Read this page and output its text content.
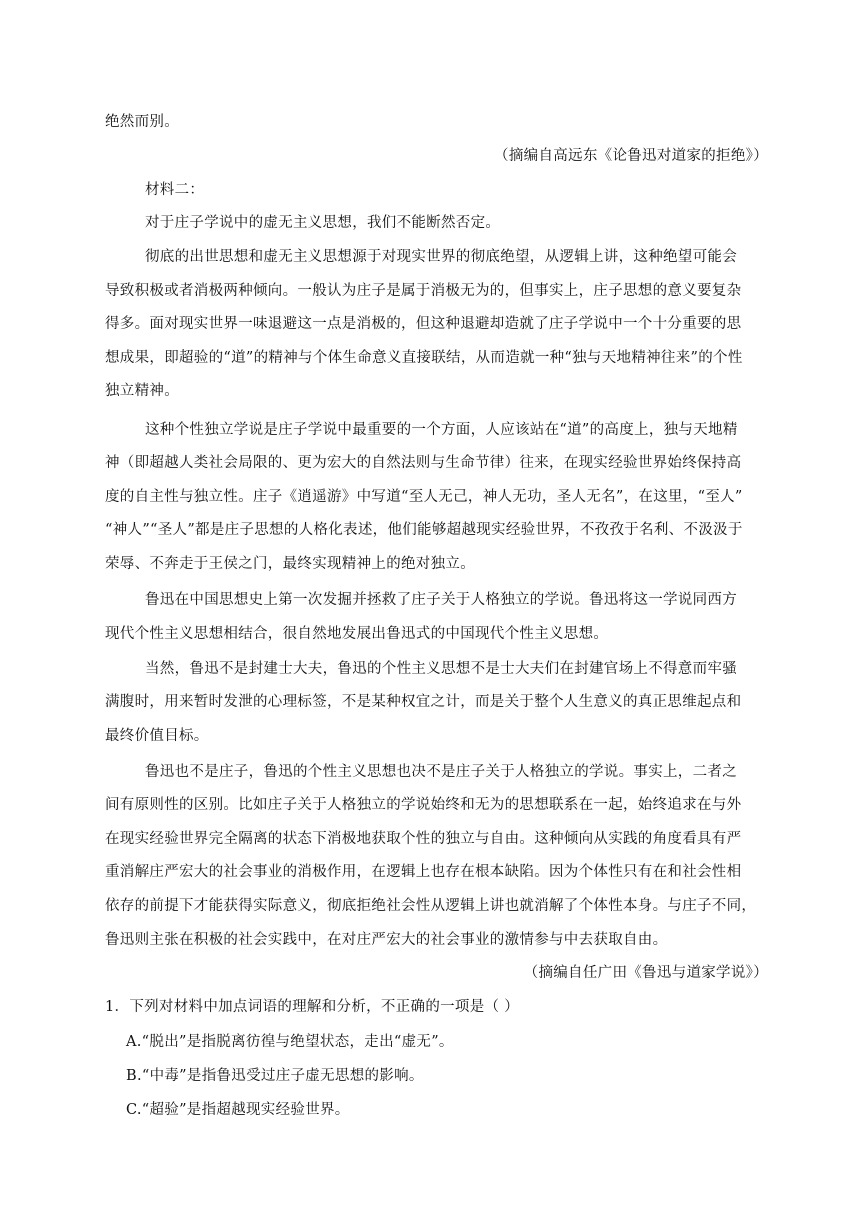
绝然而别。
（摘编自高远东《论鲁迅对道家的拒绝》）
材料二：
对于庄子学说中的虚无主义思想，我们不能断然否定。
彻底的出世思想和虚无主义思想源于对现实世界的彻底绝望，从逻辑上讲，这种绝望可能会
导致积极或者消极两种倾向。一般认为庄子是属于消极无为的，但事实上，庄子思想的意义要复杂
得多。面对现实世界一味退避这一点是消极的，但这种退避却造就了庄子学说中一个十分重要的思
想成果，即超验的“道”的精神与个体生命意义直接联结，从而造就一种“独与天地精神往来”的个性
独立精神。
这种个性独立学说是庄子学说中最重要的一个方面，人应该站在“道”的高度上，独与天地精
神（即超越人类社会局限的、更为宏大的自然法则与生命节律）往来，在现实经验世界始终保持高
度的自主性与独立性。庄子《逍遥游》中写道“至人无己，神人无功，圣人无名”，在这里，“至人”
“神人”“圣人”都是庄子思想的人格化表述，他们能够超越现实经验世界，不孜孜于名利、不汲汲于
荣辱、不奔走于王侯之门，最终实现精神上的绝对独立。
鲁迅在中国思想史上第一次发掘并拯救了庄子关于人格独立的学说。鲁迅将这一学说同西方
现代个性主义思想相结合，很自然地发展出鲁迅式的中国现代个性主义思想。
当然，鲁迅不是封建士大夫，鲁迅的个性主义思想不是士大夫们在封建官场上不得意而牢骚
满腹时，用来暂时发泄的心理标签，不是某种权宜之计，而是关于整个人生意义的真正思维起点和
最终价值目标。
鲁迅也不是庄子，鲁迅的个性主义思想也决不是庄子关于人格独立的学说。事实上，二者之
间有原则性的区别。比如庄子关于人格独立的学说始终和无为的思想联系在一起，始终追求在与外
在现实经验世界完全隔离的状态下消极地获取个性的独立与自由。这种倾向从实践的角度看具有严
重消解庄严宏大的社会事业的消极作用，在逻辑上也存在根本缺陷。因为个体性只有在和社会性相
依存的前提下才能获得实际意义，彻底拒绝社会性从逻辑上讲也就消解了个体性本身。与庄子不同，
鲁迅则主张在积极的社会实践中，在对庄严宏大的社会事业的激情参与中去获取自由。
（摘编自任广田《鲁迅与道家学说》）
1．下列对材料中加点词语的理解和分析，不正确的一项是（ ）
A.“脱出”是指脱离彷徨与绝望状态，走出“虚无”。
B.“中毒”是指鲁迅受过庄子虚无思想的影响。
C.“超验”是指超越现实经验世界。
